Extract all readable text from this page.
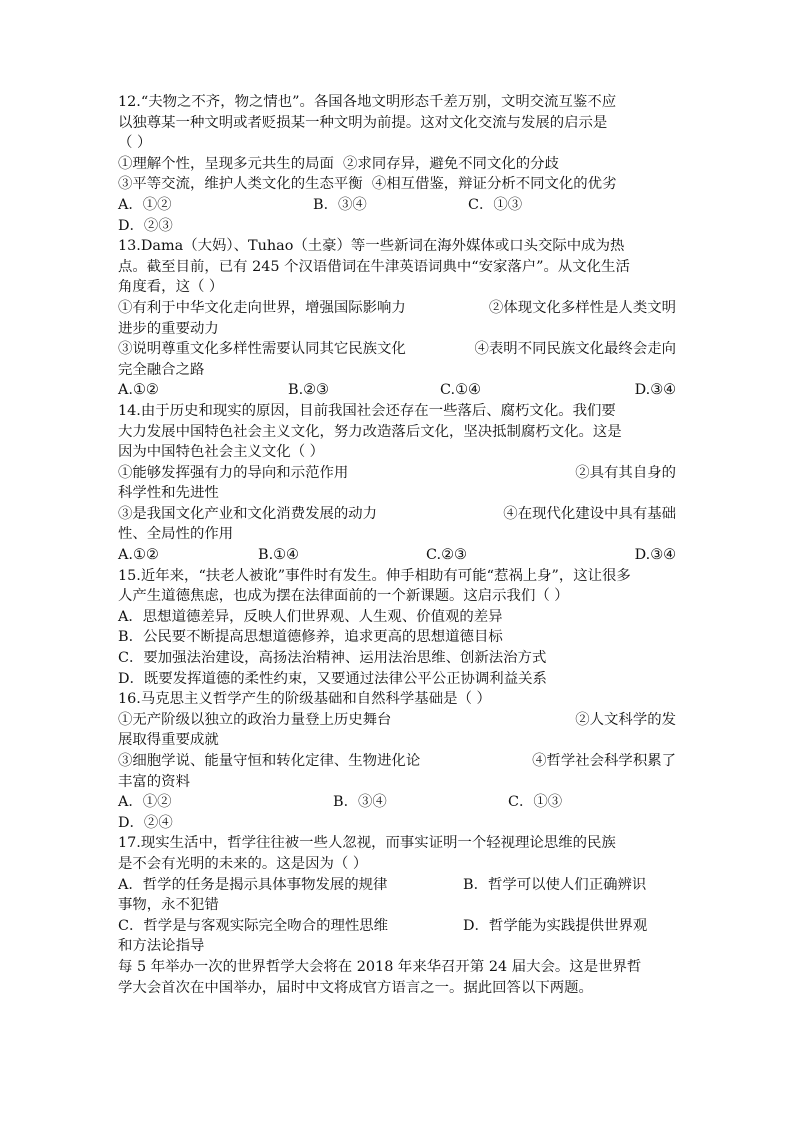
12.“夫物之不齐，物之情也”。各国各地文明形态千差万别，文明交流互鉴不应
以独尊某一种文明或者贬损某一种文明为前提。这对文化交流与发展的启示是
（ ）
①理解个性，呈现多元共生的局面 ②求同存异，避免不同文化的分歧
③平等交流，维护人类文化的生态平衡 ④相互借鉴，辩证分析不同文化的优劣
A．①②	B．③④	C．①③
D．②③
13.Dama（大妈）、Tuhao（土豪）等一些新词在海外媒体或口头交际中成为热
点。截至目前，已有 245 个汉语借词在牛津英语词典中“安家落户”。从文化生活
角度看，这（ ）
①有利于中华文化走向世界，增强国际影响力	②体现文化多样性是人类文明
进步的重要动力
③说明尊重文化多样性需要认同其它民族文化	④表明不同民族文化最终会走向
完全融合之路
A.①②	B.②③	C.①④	D.③④
14.由于历史和现实的原因，目前我国社会还存在一些落后、腐朽文化。我们要
大力发展中国特色社会主义文化，努力改造落后文化，坚决抵制腐朽文化。这是
因为中国特色社会主义文化（ ）
①能够发挥强有力的导向和示范作用	②具有其自身的
科学性和先进性
③是我国文化产业和文化消费发展的动力	④在现代化建设中具有基础
性、全局性的作用
A.①②	B.①④	C.②③	D.③④
15.近年来，“扶老人被讹”事件时有发生。伸手相助有可能“惹祸上身”，这让很多
人产生道德焦虑，也成为摆在法律面前的一个新课题。这启示我们（ ）
A．思想道德差异，反映人们世界观、人生观、价值观的差异
B．公民要不断提高思想道德修养，追求更高的思想道德目标
C．要加强法治建设，高扬法治精神、运用法治思维、创新法治方式
D．既要发挥道德的柔性约束，又要通过法律公平公正协调利益关系
16.马克思主义哲学产生的阶级基础和自然科学基础是（ ）
①无产阶级以独立的政治力量登上历史舞台	②人文科学的发
展取得重要成就
③细胞学说、能量守恒和转化定律、生物进化论	④哲学社会科学积累了
丰富的资料
A．①②	B．③④	C．①③
D．②④
17.现实生活中，哲学往往被一些人忽视，而事实证明一个轻视理论思维的民族
是不会有光明的未来的。这是因为（ ）
A．哲学的任务是揭示具体事物发展的规律	B．哲学可以使人们正确辨识
事物，永不犯错
C．哲学是与客观实际完全吻合的理性思维	D．哲学能为实践提供世界观
和方法论指导
每 5 年举办一次的世界哲学大会将在 2018 年来华召开第 24 届大会。这是世界哲
学大会首次在中国举办，届时中文将成官方语言之一。据此回答以下两题。
